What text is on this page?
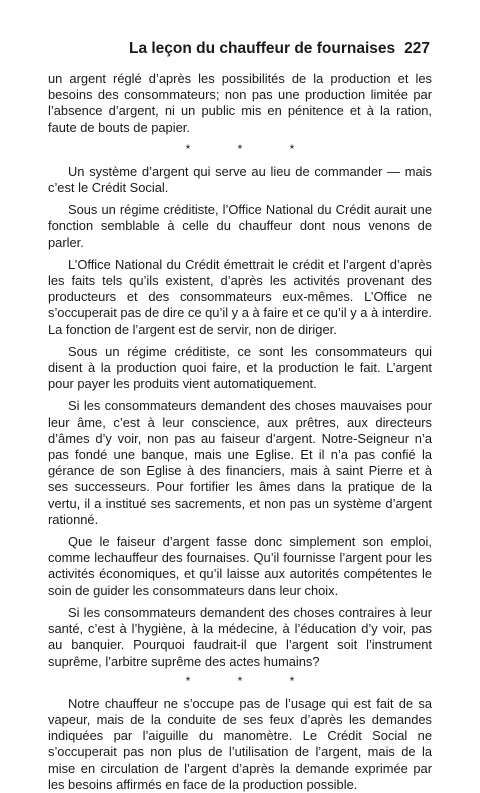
La leçon du chauffeur de fournaises 227

un argent réglé d’après les possibilités de la production et les besoins des consommateurs; non pas une production limitée par l’absence d’argent, ni un public mis en pénitence et à la ration, faute de bouts de papier.

* * *

Un système d’argent qui serve au lieu de commander — mais c’est le Crédit Social.

Sous un régime créditiste, l’Office National du Crédit aurait une fonction semblable à celle du chauffeur dont nous venons de parler.

L’Office National du Crédit émettrait le crédit et l’argent d’après les faits tels qu’ils existent, d’après les activités provenant des producteurs et des consommateurs eux-mêmes. L’Office ne s’occuperait pas de dire ce qu’il y a à faire et ce qu’il y a à interdire. La fonction de l’argent est de servir, non de diriger.

Sous un régime créditiste, ce sont les consommateurs qui disent à la production quoi faire, et la production le fait. L’argent pour payer les produits vient automatiquement.

Si les consommateurs demandent des choses mauvaises pour leur âme, c’est à leur conscience, aux prêtres, aux directeurs d’âmes d’y voir, non pas au faiseur d’argent. Notre-Seigneur n’a pas fondé une banque, mais une Eglise. Et il n’a pas confié la gérance de son Eglise à des financiers, mais à saint Pierre et à ses successeurs. Pour fortifier les âmes dans la pratique de la vertu, il a institué ses sacrements, et non pas un système d’argent rationné.

Que le faiseur d’argent fasse donc simplement son emploi, comme lechauffeur des fournaises. Qu’il fournisse l’argent pour les activités économiques, et qu’il laisse aux autorités compétentes le soin de guider les consommateurs dans leur choix.

Si les consommateurs demandent des choses contraires à leur santé, c’est à l’hygiène, à la médecine, à l’éducation d’y voir, pas au banquier. Pourquoi faudrait-il que l’argent soit l’instrument suprême, l’arbitre suprême des actes humains?

* * *

Notre chauffeur ne s’occupe pas de l’usage qui est fait de sa vapeur, mais de la conduite de ses feux d’après les demandes indiquées par l’aiguille du manomètre. Le Crédit Social ne s’occuperait pas non plus de l’utilisation de l’argent, mais de la mise en circulation de l’argent d’après la demande exprimée par les besoins affirmés en face de la production possible.
